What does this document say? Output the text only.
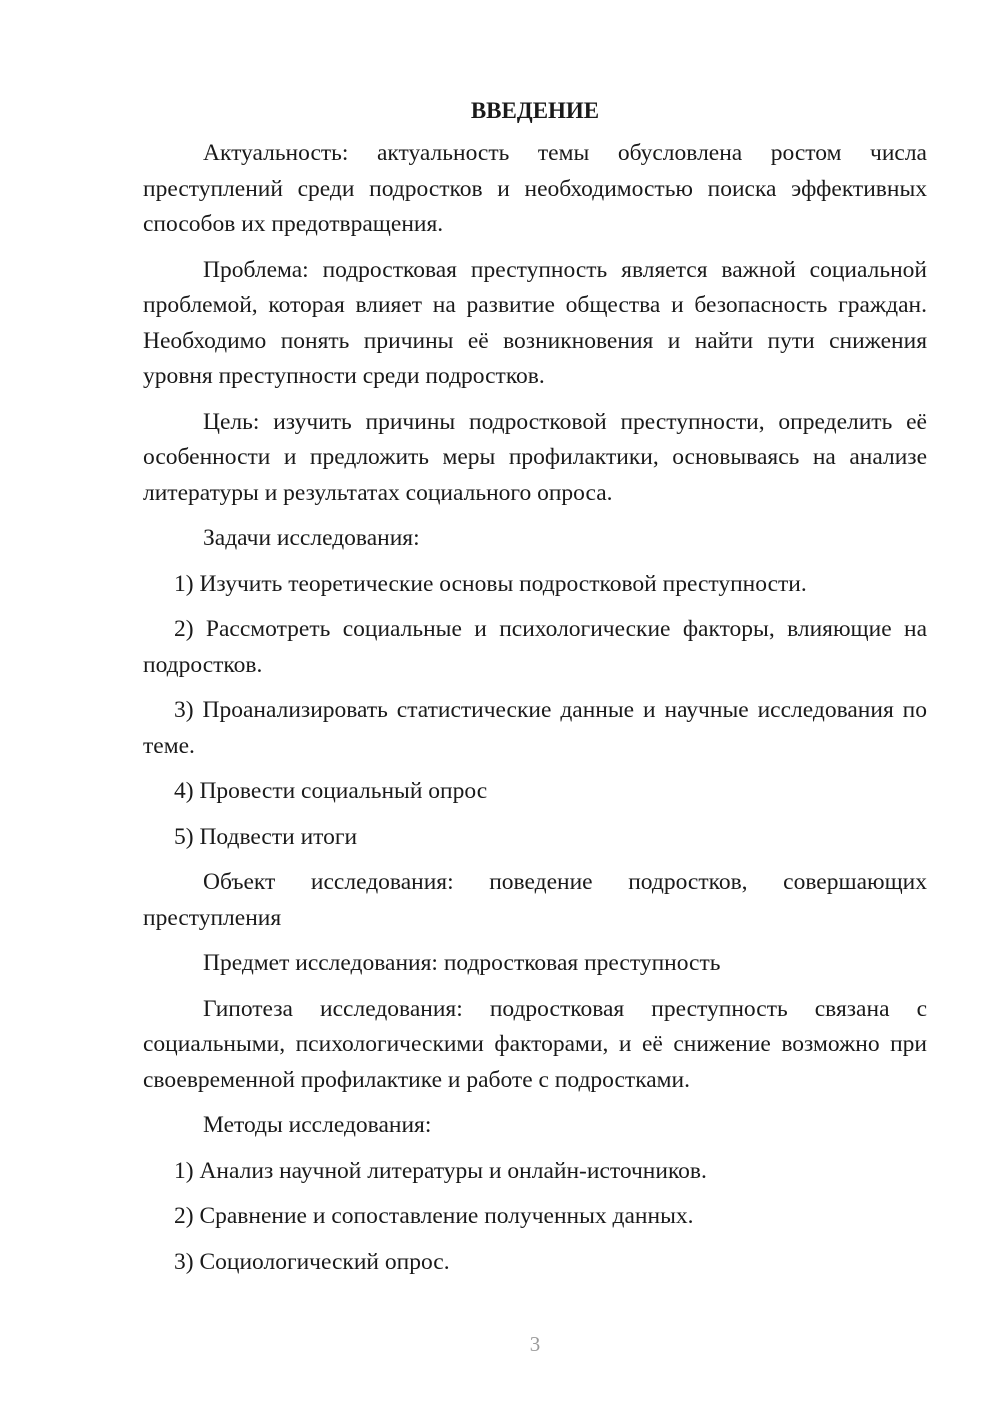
ВВЕДЕНИЕ

Актуальность: актуальность темы обусловлена ростом числа преступлений среди подростков и необходимостью поиска эффективных способов их предотвращения.

Проблема: подростковая преступность является важной социальной проблемой, которая влияет на развитие общества и безопасность граждан. Необходимо понять причины её возникновения и найти пути снижения уровня преступности среди подростков.

Цель: изучить причины подростковой преступности, определить её особенности и предложить меры профилактики, основываясь на анализе литературы и результатах социального опроса.

Задачи исследования:

1) Изучить теоретические основы подростковой преступности.

2) Рассмотреть социальные и психологические факторы, влияющие на подростков.

3) Проанализировать статистические данные и научные исследования по теме.

4) Провести социальный опрос

5) Подвести итоги

Объект исследования: поведение подростков, совершающих преступления

Предмет исследования: подростковая преступность

Гипотеза исследования: подростковая преступность связана с социальными, психологическими факторами, и её снижение возможно при своевременной профилактике и работе с подростками.

Методы исследования:

1) Анализ научной литературы и онлайн-источников.

2) Сравнение и сопоставление полученных данных.

3) Социологический опрос.

3
